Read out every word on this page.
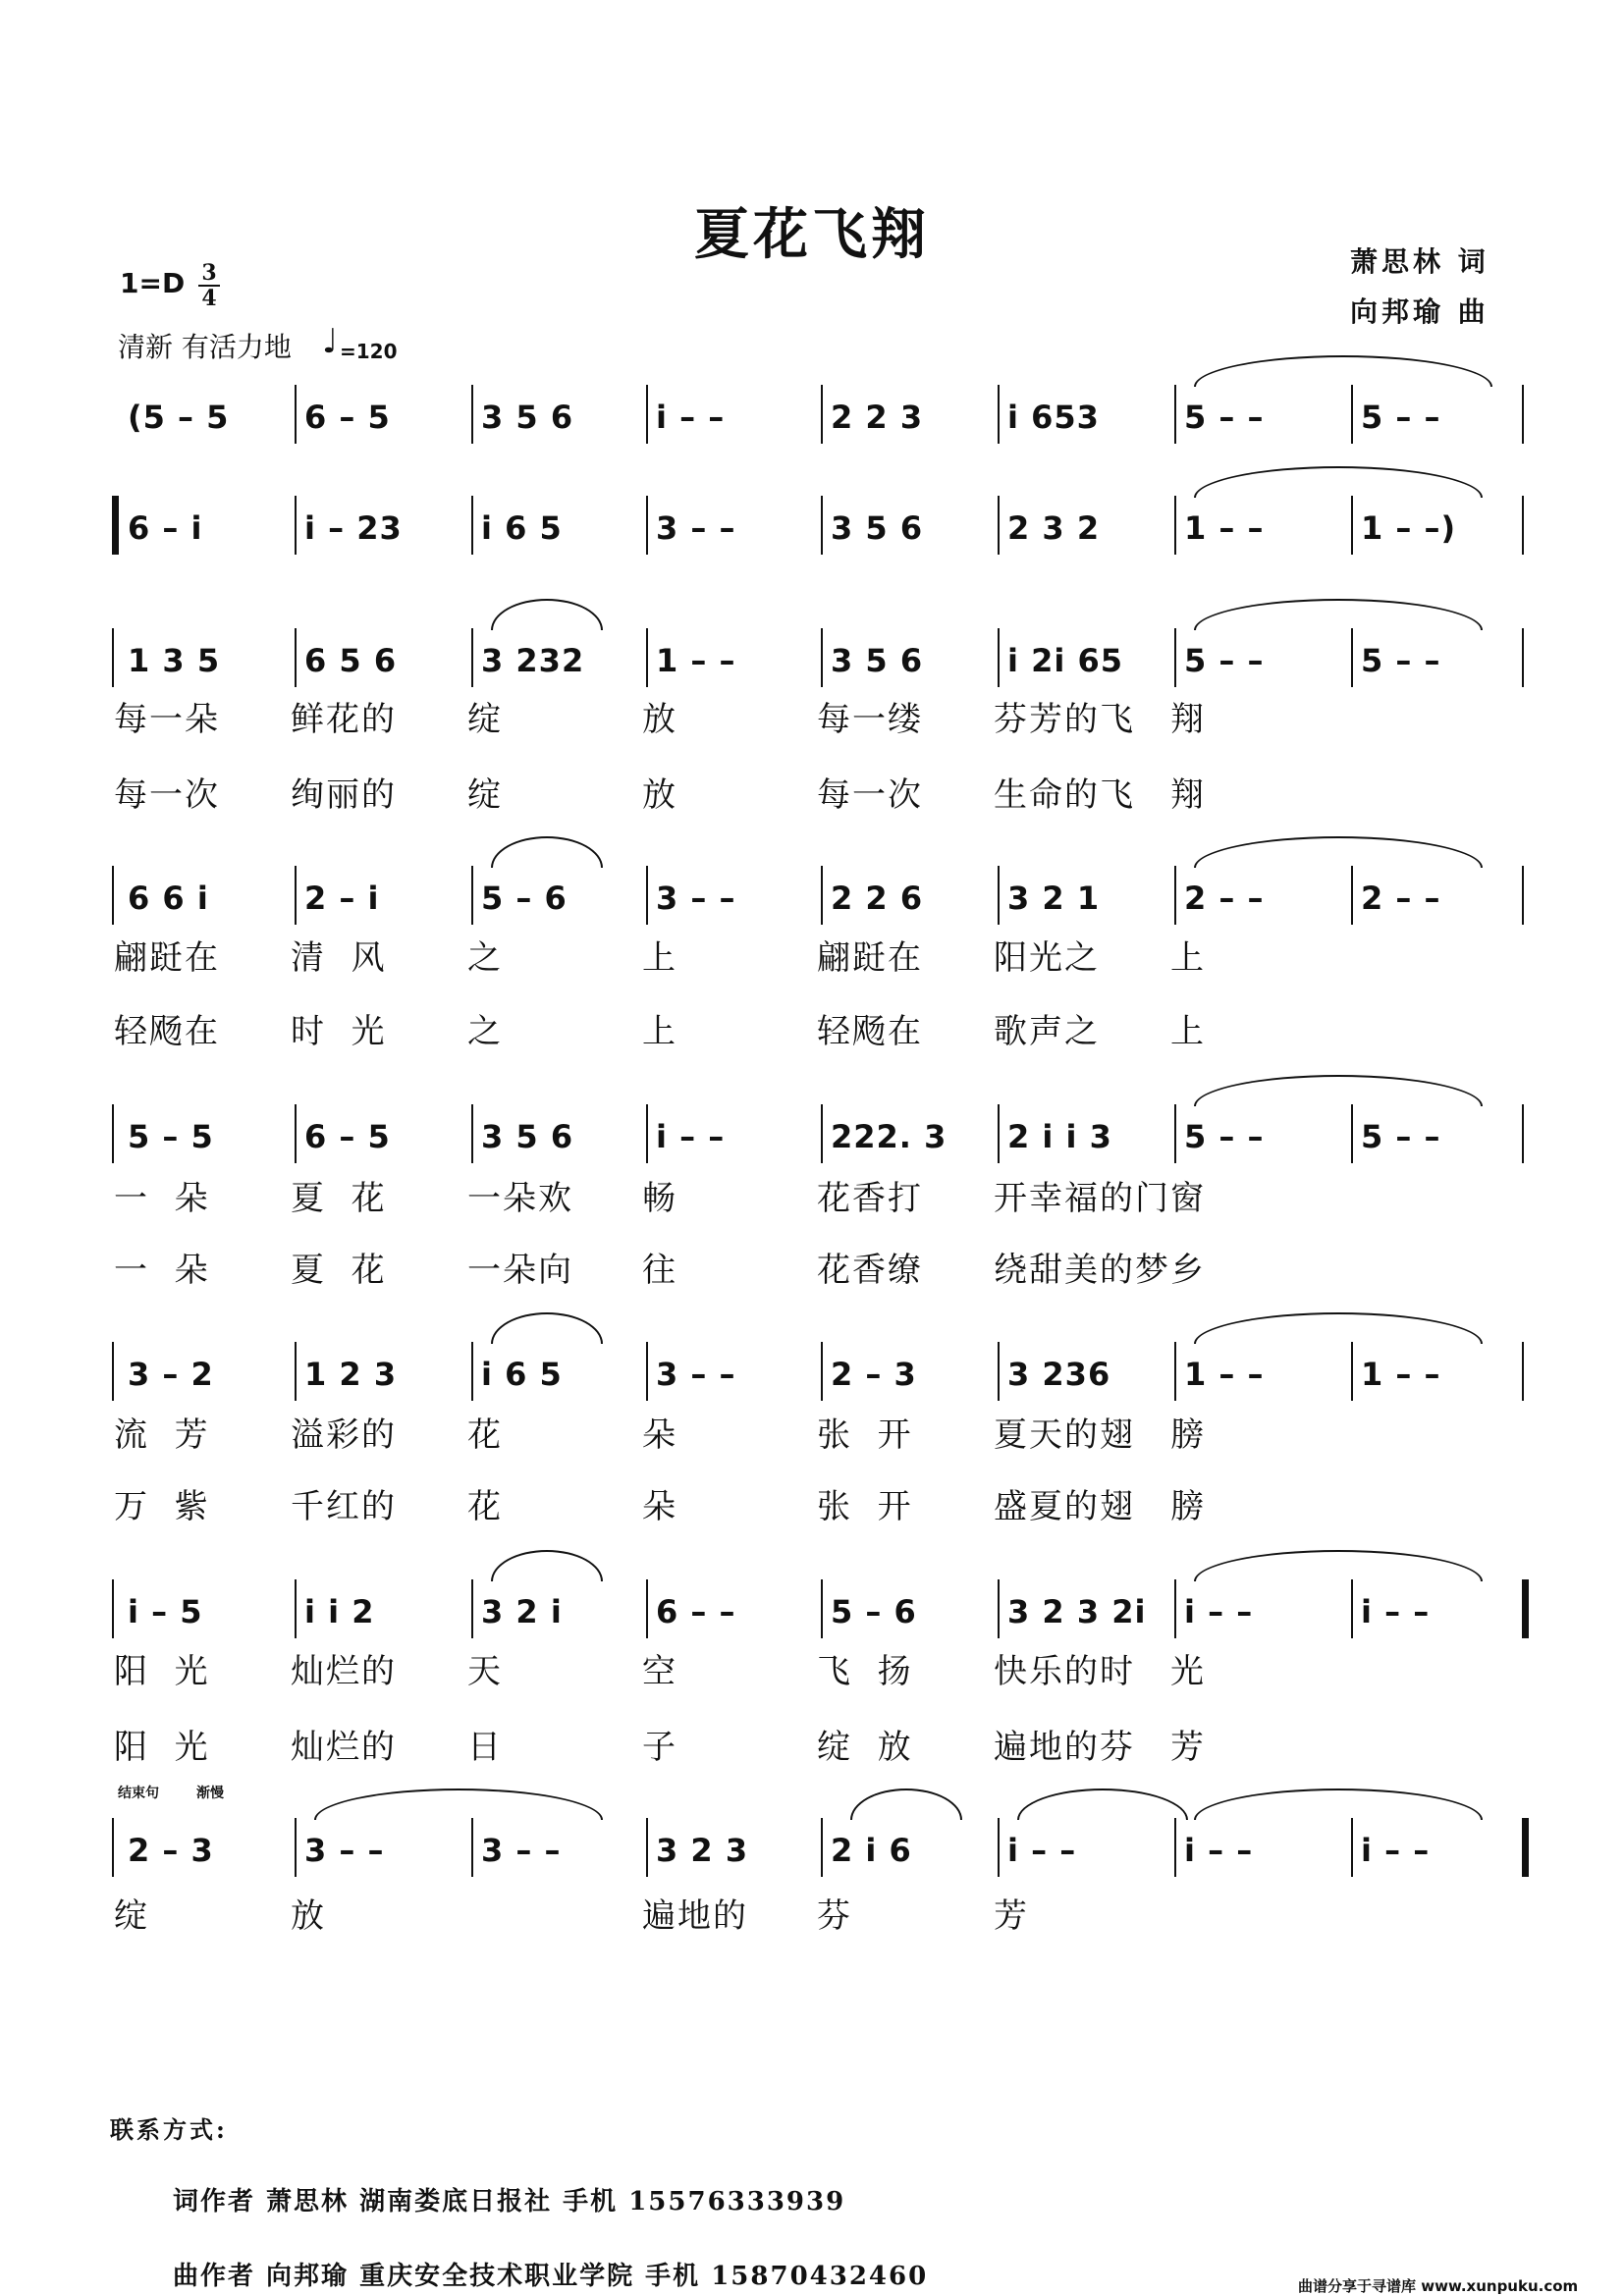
夏花飞翔	萧思林 词
向邦瑜 曲
1=D 3
4
清新 有活力地 ♩ =120
(5 – 5	6 – 5	3 5 6	i – –	2 2 3	i 653	5 – –	5 – –
6 – i	i – 23	i 6 5	3 – –	3 5 6	2 3 2	1 – –	1 – –)
1 3 5	6 5 6	3 232	1 – –	3 5 6	i 2i 65	5 – –	5 – –
每一朵 鲜花的 绽	放	每一缕 芬芳的飞 翔
每一次 绚丽的 绽	放	每一次 生命的飞 翔
6 6 i	2 – i	5 – 6	3 – –	2 2 6	3 2 1	2 – –	2 – –
翩跹在 清  风 之	上	翩跹在 阳光之 上
轻飏在 时  光 之	上	轻飏在 歌声之 上
5 – 5	6 – 5	3 5 6	i – –	222. 3	2 i i 3	5 – –	5 – –
一  朵 夏  花 一朵欢 畅	花香打 开幸福的门 窗
一  朵 夏  花 一朵向 往	花香缭 绕甜美的梦 乡
3 – 2	1 2 3	i 6 5	3 – –	2 – 3	3 236	1 – –	1 – –
流  芳 溢彩的 花	朵	张  开 夏天的翅 膀
万  紫 千红的 花	朵	张  开 盛夏的翅 膀
i – 5	i i 2	3 2 i	6 – –	5 – 6	3 2 3 2i	i – –	i – –
阳  光 灿烂的 天	空	飞  扬 快乐的时 光
阳  光 灿烂的 日	子	绽  放 遍地的芬 芳
2 – 3	3 – –	3 – –	3 2 3	2 i 6	i – –	i – –	i – –
结束句	渐慢
绽	放	遍地的 芬	芳
联系方式:
词作者 萧思林 湖南娄底日报社 手机 15576333939
曲作者 向邦瑜 重庆安全技术职业学院 手机 15870432460	曲谱分享于寻谱库 www.xunpuku.com
